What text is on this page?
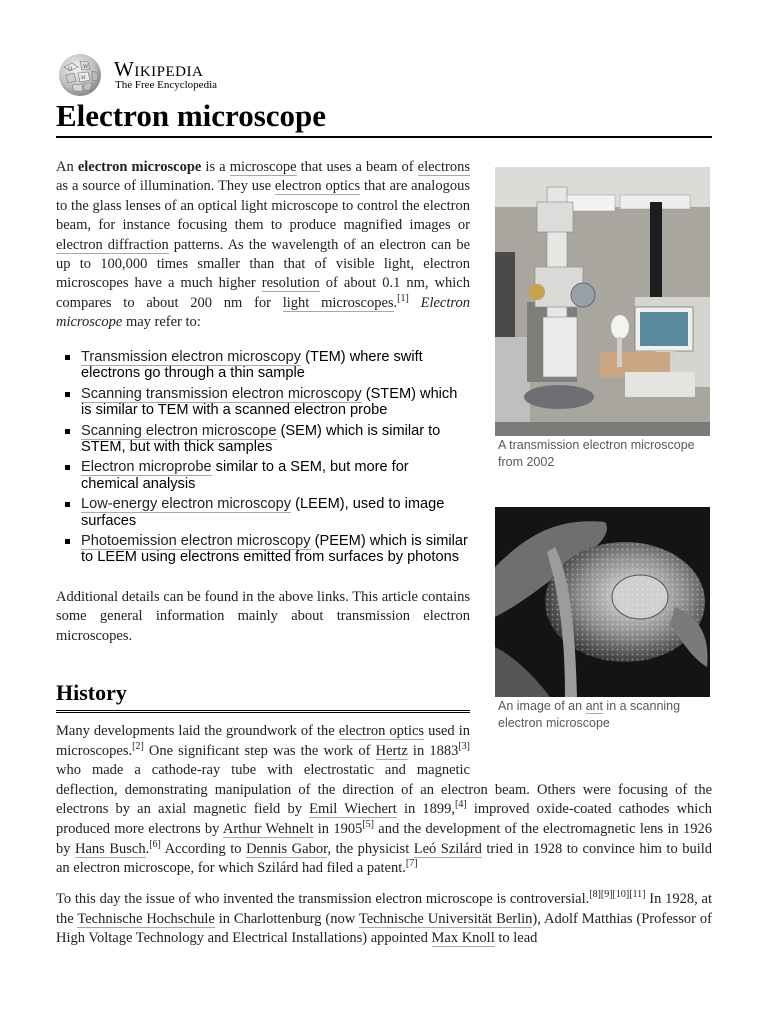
Ω W
И Wikipedia
The Free Encyclopedia
Electron microscope

An electron microscope is a microscope that uses a beam of electrons as a source of illumination. They use electron optics that are analogous to the glass lenses of an optical light microscope to control the electron beam, for instance focusing them to produce magnified images or electron diffraction patterns. As the wavelength of an electron can be up to 100,000 times smaller than that of visible light, electron microscopes have a much higher resolution of about 0.1 nm, which compares to about 200 nm for light microscopes.[1] Electron microscope may refer to:

Transmission electron microscopy (TEM) where swift electrons go through a thin sample
Scanning transmission electron microscopy (STEM) which is similar to TEM with a scanned electron probe
Scanning electron microscope (SEM) which is similar to STEM, but with thick samples
Electron microprobe similar to a SEM, but more for chemical analysis
Low-energy electron microscopy (LEEM), used to image surfaces
Photoemission electron microscopy (PEEM) which is similar to LEEM using electrons emitted from surfaces by photons

Additional details can be found in the above links. This article contains some general information mainly about transmission electron microscopes.

A transmission electron microscope from 2002
An image of an ant in a scanning electron microscope
History

Many developments laid the groundwork of the electron optics used in microscopes.[2] One significant step was the work of Hertz in 1883[3] who made a cathode-ray tube with electrostatic and magnetic deflection, demonstrating manipulation of the direction of an electron beam. Others were focusing of the electrons by an axial magnetic field by Emil Wiechert in 1899,[4] improved oxide-coated cathodes which produced more electrons by Arthur Wehnelt in 1905[5] and the development of the electromagnetic lens in 1926 by Hans Busch.[6] According to Dennis Gabor, the physicist Leó Szilárd tried in 1928 to convince him to build an electron microscope, for which Szilárd had filed a patent.[7]

To this day the issue of who invented the transmission electron microscope is controversial.[8][9][10][11] In 1928, at the Technische Hochschule in Charlottenburg (now Technische Universität Berlin), Adolf Matthias (Professor of High Voltage Technology and Electrical Installations) appointed Max Knoll to lead
